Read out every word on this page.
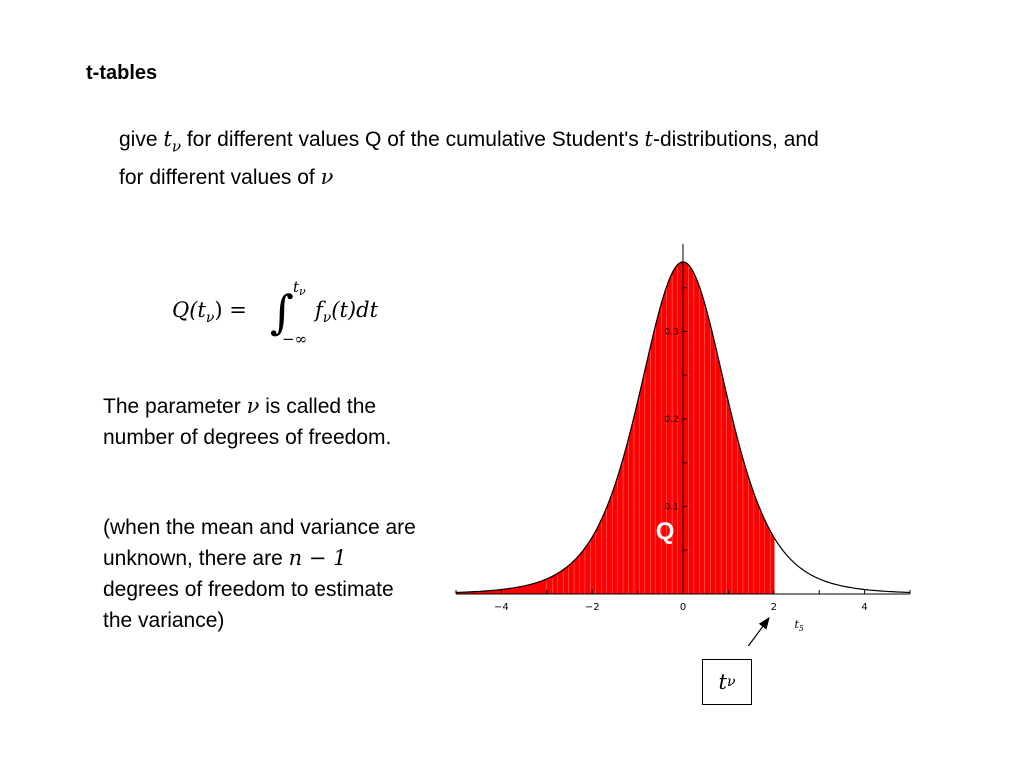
t-tables
give $t_\nu$ for different values Q of the cumulative Student's t-distributions, and
for different values of ν
$Q(t_\nu)$ = ∫ $t_\nu$
−∞
$f_\nu(t)dt$
The parameter ν is called the number of degrees of freedom.
(when the mean and variance are unknown, there are n − 1 degrees of freedom to estimate the variance)
−4	−2	0	2	4
0.1
0.2
0.3
Q
$t_5$
t ν
